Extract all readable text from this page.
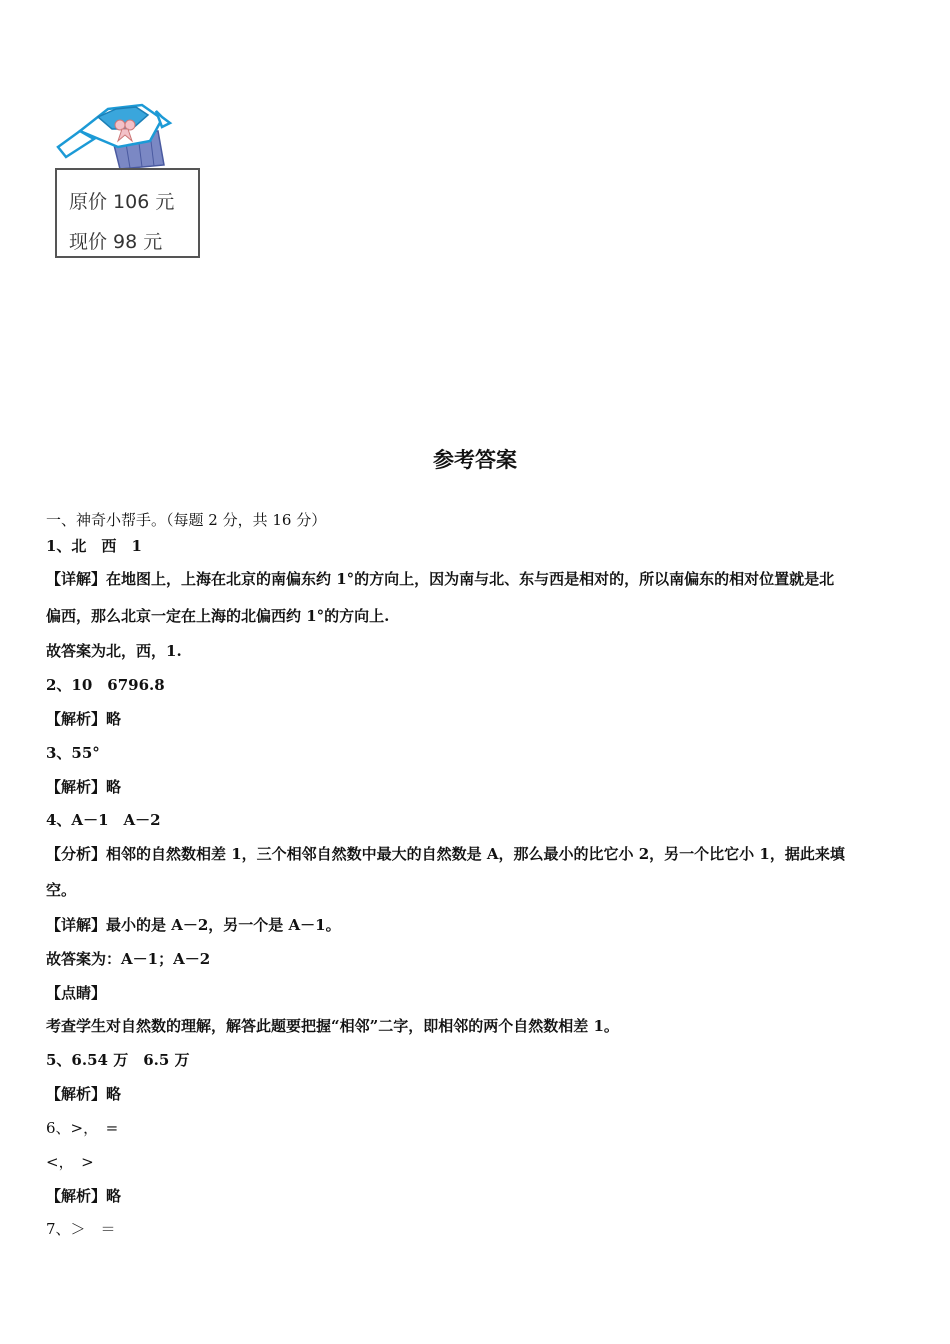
原价 106 元
现价 98 元
参考答案
一、神奇小帮手。（每题 2 分，共 16 分）
1、北　西　1
【详解】在地图上，上海在北京的南偏东约 1°的方向上，因为南与北、东与西是相对的，所以南偏东的相对位置就是北
偏西，那么北京一定在上海的北偏西约 1°的方向上.
故答案为北，西，1.
2、10　6796.8
【解析】略
3、55°
【解析】略
4、A－1　A－2
【分析】相邻的自然数相差 1，三个相邻自然数中最大的自然数是 A，那么最小的比它小 2，另一个比它小 1，据此来填
空。
【详解】最小的是 A－2，另一个是 A－1。
故答案为：A－1；A－2
【点睛】
考查学生对自然数的理解，解答此题要把握“相邻”二字，即相邻的两个自然数相差 1。
5、6.54 万　6.5 万
【解析】略
6、>，　=
<，　>
【解析】略
7、＞　＝
